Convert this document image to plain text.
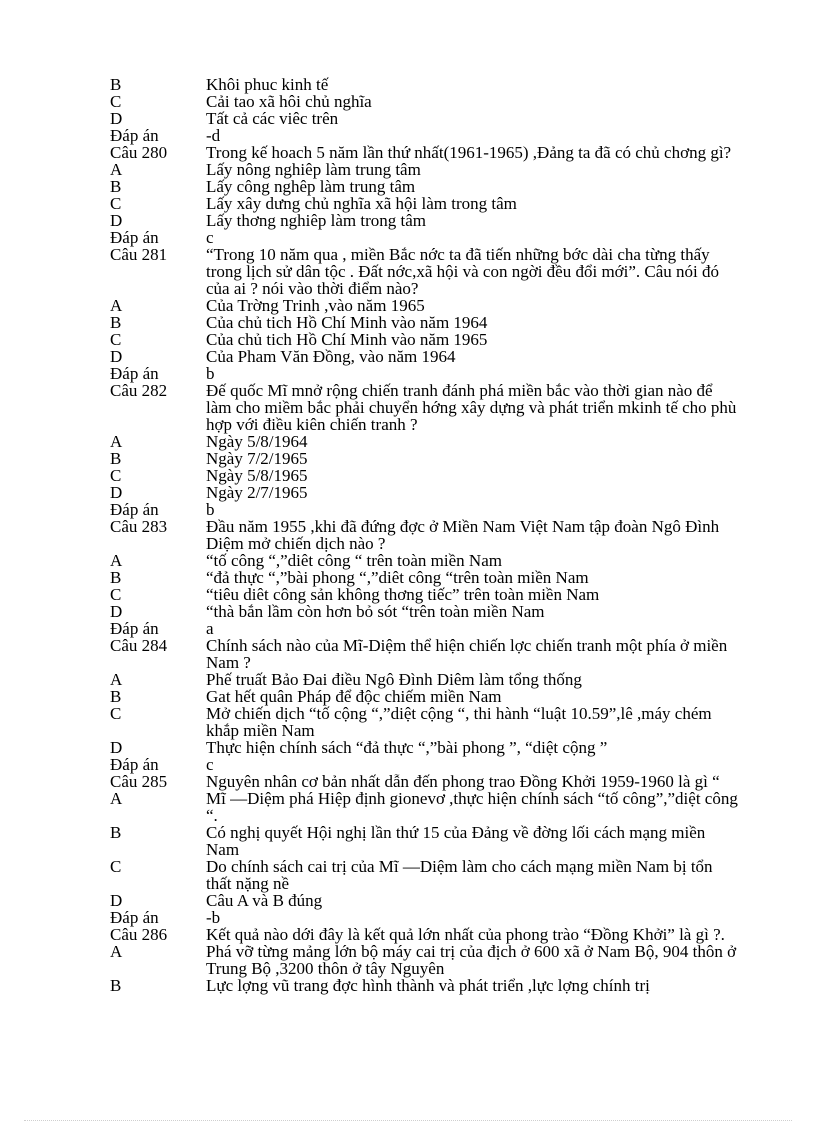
B	Khôi phuc kinh tế
C	Cải tao xã hôi chủ nghĩa
D	Tất cả các viêc trên
Đáp án	-d
Câu 280	Trong kế hoach 5 năm lần thứ nhất(1961-1965) ,Đảng ta đã có chủ chơng gì?
A	Lấy nông nghiêp làm trung tâm
B	Lấy công nghêp làm trung tâm
C	Lấy xây dưng chủ nghĩa xã hội làm trong tâm
D	Lấy thơng nghiêp làm trong tâm
Đáp án	c
Câu 281	“Trong 10 năm qua , miền Bắc nớc ta đã tiến những bớc dài cha từng thấy trong lịch sử dân tộc . Đất nớc,xã hội và con ngời đều đổi mới”. Câu nói đó của ai ? nói vào thời điểm nào?
A	Của Trờng Trinh ,vào năm 1965
B	Của chủ tich Hồ Chí Minh vào năm 1964
C	Của chủ tich Hồ Chí Minh vào năm 1965
D	Của Pham Văn Đồng, vào năm 1964
Đáp án	b
Câu 282	Đế quốc Mĩ mnở rộng chiến tranh đánh phá miền bắc vào thời gian nào để làm cho miềm bắc phải chuyển hớng xây dựng và phát triển mkinh tế cho phù hợp với điều kiên chiến tranh ?
A	Ngày 5/8/1964
B	Ngày 7/2/1965
C	Ngày 5/8/1965
D	Ngày 2/7/1965
Đáp án	b
Câu 283	Đầu năm 1955 ,khi đã đứng đợc ở Miền Nam Việt Nam tập đoàn Ngô Đình Diệm mở chiến dịch nào ?
A	“tố công “,”diêt công “ trên toàn miền Nam
B	“đả thực “,”bài phong “,”diêt công “trên toàn miền Nam
C	“tiêu diêt công sản không thơng tiếc” trên toàn miền Nam
D	“thà bắn lầm còn hơn bỏ sót “trên toàn miền Nam
Đáp án	a
Câu 284	Chính sách nào của Mĩ-Diệm thể hiện chiến lợc chiến tranh một phía ở miền Nam ?
A	Phế truất Bảo Đai điều Ngô Đình Diêm làm tổng thống
B	Gat hết quân Pháp để độc chiếm miền Nam
C	Mở chiến dịch “tố cộng “,”diệt cộng “, thi hành “luật 10.59”,lê ,máy chém khắp miền Nam
D	Thực hiện chính sách “đả thực “,”bài phong ”, “diệt cộng ”
Đáp án	c
Câu 285	Nguyên nhân cơ bản nhất dẫn đến phong trao Đồng Khởi 1959-1960 là gì “
A	Mĩ —Diệm phá Hiệp định gionevơ ,thực hiện chính sách “tố công”,”diệt công “.
B	Có nghị quyết Hội nghị lần thứ 15 của Đảng về đờng lối cách mạng miền Nam
C	Do chính sách cai trị của Mĩ —Diệm làm cho cách mạng miền Nam bị tổn thất nặng nề
D	Câu A và B đúng
Đáp án	-b
Câu 286	Kết quả nào dới đây là kết quả lớn nhất của phong trào “Đồng Khởi” là gì ?.
A	Phá vỡ từng mảng lớn bộ máy cai trị của địch ở 600 xã ở Nam Bộ, 904 thôn ở Trung Bộ ,3200 thôn ở tây Nguyên
B	Lực lợng vũ trang đợc hình thành và phát triển ,lực lợng chính trị
